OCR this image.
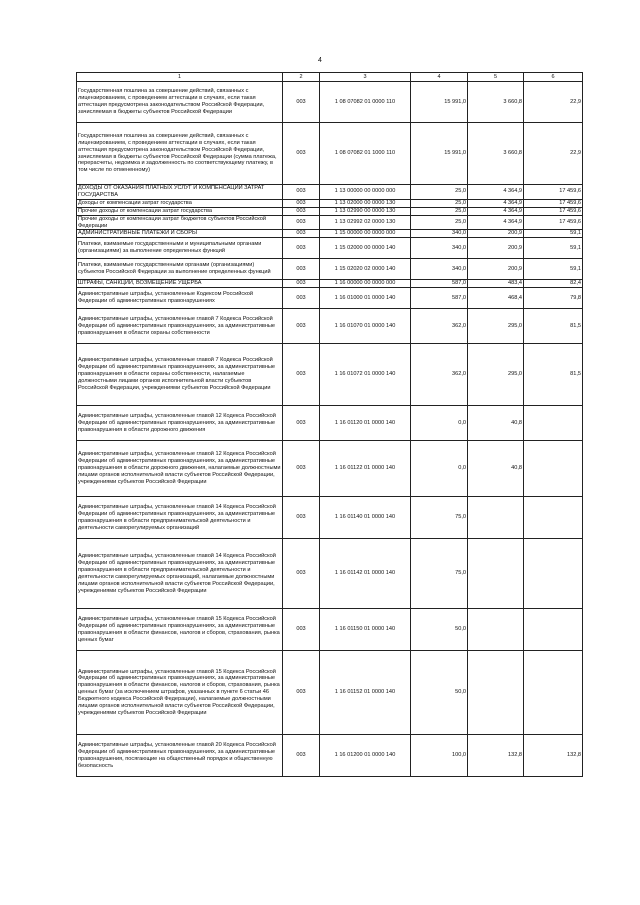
4
1	2	3	4	5	6
Государственная пошлина за совершение действий, связанных с лицензированием, с проведением аттестации в случаях, если такая аттестация предусмотрена законодательством Российской Федерации, зачисляемая в бюджеты субъектов Российской Федерации	003	1 08 07082 01 0000 110	15 991,0	3 660,8	22,9
Государственная пошлина за совершение действий, связанных с лицензированием, с проведением аттестации в случаях, если такая аттестация предусмотрена законодательством Российской Федерации, зачисляемая в бюджеты субъектов Российской Федерации (сумма платежа, перерасчеты, недоимка и задолженность по соответствующему платежу, в том числе по отмененному)	003	1 08 07082 01 1000 110	15 991,0	3 660,8	22,9
ДОХОДЫ ОТ ОКАЗАНИЯ ПЛАТНЫХ УСЛУГ И КОМПЕНСАЦИИ ЗАТРАТ ГОСУДАРСТВА	003	1 13 00000 00 0000 000	25,0	4 364,9	17 459,6
Доходы от компенсации затрат государства	003	1 13 02000 00 0000 130	25,0	4 364,9	17 459,6
Прочие доходы от компенсации затрат государства	003	1 13 02990 00 0000 130	25,0	4 364,9	17 459,6
Прочие доходы от компенсации затрат бюджетов субъектов Российской Федерации	003	1 13 02992 02 0000 130	25,0	4 364,9	17 459,6
АДМИНИСТРАТИВНЫЕ ПЛАТЕЖИ И СБОРЫ	003	1 15 00000 00 0000 000	340,0	200,9	59,1
Платежи, взимаемые государственными и муниципальными органами (организациями) за выполнение определенных функций	003	1 15 02000 00 0000 140	340,0	200,9	59,1
Платежи, взимаемые государственными органами (организациями) субъектов Российской Федерации за выполнение определенных функций	003	1 15 02020 02 0000 140	340,0	200,9	59,1
ШТРАФЫ, САНКЦИИ, ВОЗМЕЩЕНИЕ УЩЕРБА	003	1 16 00000 00 0000 000	587,0	483,4	82,4
Административные штрафы, установленные Кодексом Российской Федерации об административных правонарушениях	003	1 16 01000 01 0000 140	587,0	468,4	79,8
Административные штрафы, установленные главой 7 Кодекса Российской Федерации об административных правонарушениях, за административные правонарушения в области охраны собственности	003	1 16 01070 01 0000 140	362,0	295,0	81,5
Административные штрафы, установленные главой 7 Кодекса Российской Федерации об административных правонарушениях, за административные правонарушения в области охраны собственности, налагаемые должностными лицами органов исполнительной власти субъектов Российской Федерации, учреждениями субъектов Российской Федерации	003	1 16 01072 01 0000 140	362,0	295,0	81,5
Административные штрафы, установленные главой 12 Кодекса Российской Федерации об административных правонарушениях, за административные правонарушения в области дорожного движения	003	1 16 01120 01 0000 140	0,0	40,8	
Административные штрафы, установленные главой 12 Кодекса Российской Федерации об административных правонарушениях, за административные правонарушения в области дорожного движения, налагаемые должностными лицами органов исполнительной власти субъектов Российской Федерации, учреждениями субъектов Российской Федерации	003	1 16 01122 01 0000 140	0,0	40,8	
Административные штрафы, установленные главой 14 Кодекса Российской Федерации об административных правонарушениях, за административные правонарушения в области предпринимательской деятельности и деятельности саморегулируемых организаций	003	1 16 01140 01 0000 140	75,0		
Административные штрафы, установленные главой 14 Кодекса Российской Федерации об административных правонарушениях, за административные правонарушения в области предпринимательской деятельности и деятельности саморегулируемых организаций, налагаемые должностными лицами органов исполнительной власти субъектов Российской Федерации, учреждениями субъектов Российской Федерации	003	1 16 01142 01 0000 140	75,0		
Административные штрафы, установленные главой 15 Кодекса Российской Федерации об административных правонарушениях, за административные правонарушения в области финансов, налогов и сборов, страхования, рынка ценных бумаг	003	1 16 01150 01 0000 140	50,0		
Административные штрафы, установленные главой 15 Кодекса Российской Федерации об административных правонарушениях, за административные правонарушения в области финансов, налогов и сборов, страхования, рынка ценных бумаг (за исключением штрафов, указанных в пункте 6 статьи 46 Бюджетного кодекса Российской Федерации), налагаемые должностными лицами органов исполнительной власти субъектов Российской Федерации, учреждениями субъектов Российской Федерации	003	1 16 01152 01 0000 140	50,0		
Административные штрафы, установленные главой 20 Кодекса Российской Федерации об административных правонарушениях, за административные правонарушения, посягающие на общественный порядок и общественную безопасность	003	1 16 01200 01 0000 140	100,0	132,8	132,8
